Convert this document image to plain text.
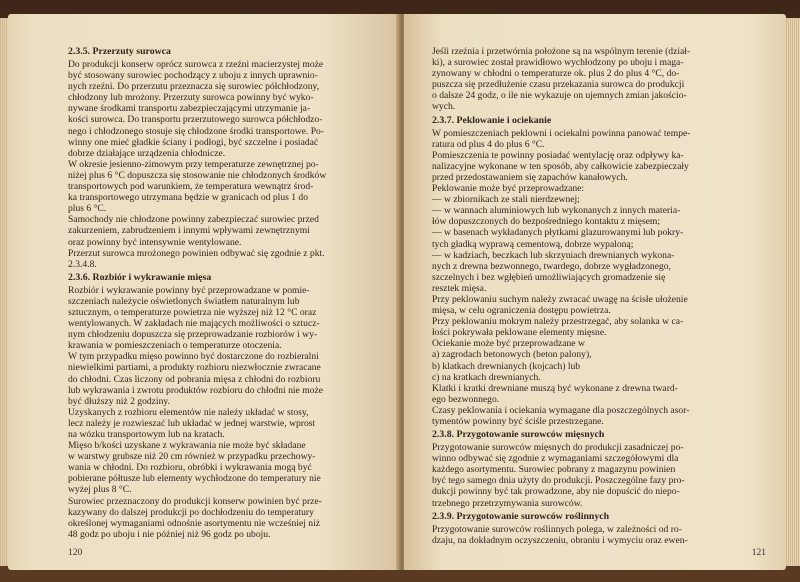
2.3.5. Przerzuty surowca
Do produkcji konserw oprócz surowca z rzeźni macierzystej może
być stosowany surowiec pochodzący z uboju z innych uprawnio-
nych rzeźni. Do przerzutu przeznacza się surowiec półchłodzony,
chłodzony lub mrożony. Przerzuty surowca powinny być wyko-
nywane środkami transportu zabezpieczającymi utrzymanie ja-
kości surowca. Do transportu przerzutowego surowca półchłodzo-
nego i chłodzonego stosuje się chłodzone środki transportowe. Po-
winny one mieć gładkie ściany i podłogi, być szczelne i posiadać
dobrze działające urządzenia chłodnicze.
W okresie jesienno-zimowym przy temperaturze zewnętrznej po-
niżej plus 6 °C dopuszcza się stosowanie nie chłodzonych środków
transportowych pod warunkiem, że temperatura wewnątrz środ-
ka transportowego utrzymana będzie w granicach od plus 1 do
plus 6 °C.
Samochody nie chłodzone powinny zabezpieczać surowiec przed
zakurzeniem, zabrudzeniem i innymi wpływami zewnętrznymi
oraz powinny być intensywnie wentylowane.
Przerzut surowca mrożonego powinien odbywać się zgodnie z pkt.
2.3.4.8.
2.3.6. Rozbiór i wykrawanie mięsa
Rozbiór i wykrawanie powinny być przeprowadzane w pomie-
szczeniach należycie oświetlonych światłem naturalnym lub
sztucznym, o temperaturze powietrza nie wyższej niż 12 °C oraz
wentylowanych. W zakładach nie mających możliwości o sztucz-
nym chłodzeniu dopuszcza się przeprowadzanie rozbiorów i wy-
krawania w pomieszczeniach o temperaturze otoczenia.
W tym przypadku mięso powinno być dostarczone do rozbieralni
niewielkimi partiami, a produkty rozbioru niezwłocznie zwracane
do chłodni. Czas liczony od pobrania mięsa z chłodni do rozbioru
lub wykrawania i zwrotu produktów rozbioru do chłodni nie może
być dłuższy niż 2 godziny.
Uzyskanych z rozbioru elementów nie należy układać w stosy,
lecz należy je rozwieszać lub układać w jednej warstwie, wprost
na wózku transportowym lub na kratach.
Mięso b/kości uzyskane z wykrawania nie może być składane
w warstwy grubsze niż 20 cm również w przypadku przechowy-
wania w chłodni. Do rozbioru, obróbki i wykrawania mogą być
pobierane półtusze lub elementy wychłodzone do temperatury nie
wyżej plus 8 °C.
Surowiec przeznaczony do produkcji konserw powinien być prze-
kazywany do dalszej produkcji po dochłodzeniu do temperatury
określonej wymaganiami odnośnie asortymentu nie wcześniej niż
48 godz po uboju i nie później niż 96 godz po uboju.
120
Jeśli rzeźnia i przetwórnia położone są na wspólnym terenie (dział-
ki), a surowiec został prawidłowo wychłodzony po uboju i maga-
zynowany w chłodni o temperaturze ok. plus 2 do plus 4 °C, do-
puszcza się przedłużenie czasu przekazania surowca do produkcji
o dalsze 24 godz, o ile nie wykazuje on ujemnych zmian jakościo-
wych.
2.3.7. Peklowanie i ociekanie
W pomieszczeniach peklowni i ociekalni powinna panować tempe-
ratura od plus 4 do plus 6 °C.
Pomieszczenia te powinny posiadać wentylację oraz odpływy ka-
nalizacyjne wykonane w ten sposób, aby całkowicie zabezpieczały
przed przedostawaniem się zapachów kanałowych.
Peklowanie może być przeprowadzane:
— w zbiornikach ze stali nierdzewnej;
— w wannach aluminiowych lub wykonanych z innych materia-
łów dopuszczonych do bezpośredniego kontaktu z mięsem;
— w basenach wykładanych płytkami glazurowanymi lub pokry-
tych gładką wyprawą cementową, dobrze wypaloną;
— w kadziach, beczkach lub skrzyniach drewnianych wykona-
nych z drewna bezwonnego, twardego, dobrze wygładzonego,
szczelnych i bez wgłębień umożliwiających gromadzenie się
resztek mięsa.
Przy peklowaniu suchym należy zwracać uwagę na ścisłe ułożenie
mięsa, w celu ograniczenia dostępu powietrza.
Przy peklowaniu mokrym należy przestrzegać, aby solanka w ca-
łości pokrywała peklowane elementy mięsne.
Ociekanie może być przeprowadzane w
a) zagrodach betonowych (beton palony),
b) klatkach drewnianych (kojcach) lub
c) na kratkach drewnianych.
Klatki i kratki drewniane muszą być wykonane z drewna tward-
ego bezwonnego.
Czasy peklowania i ociekania wymagane dla poszczególnych asor-
tymentów powinny być ściśle przestrzegane.
2.3.8. Przygotowanie surowców mięsnych
Przygotowanie surowców mięsnych do produkcji zasadniczej po-
winno odbywać się zgodnie z wymaganiami szczegółowymi dla
każdego asortymentu. Surowiec pobrany z magazynu powinien
być tego samego dnia użyty do produkcji. Poszczególne fazy pro-
dukcji powinny być tak prowadzone, aby nie dopuścić do niepo-
trzebnego przetrzymywania surowców.
2.3.9. Przygotowanie surowców roślinnych
Przygotowanie surowców roślinnych polega, w zależności od ro-
dzaju, na dokładnym oczyszczeniu, obraniu i wymyciu oraz ewen-
121
